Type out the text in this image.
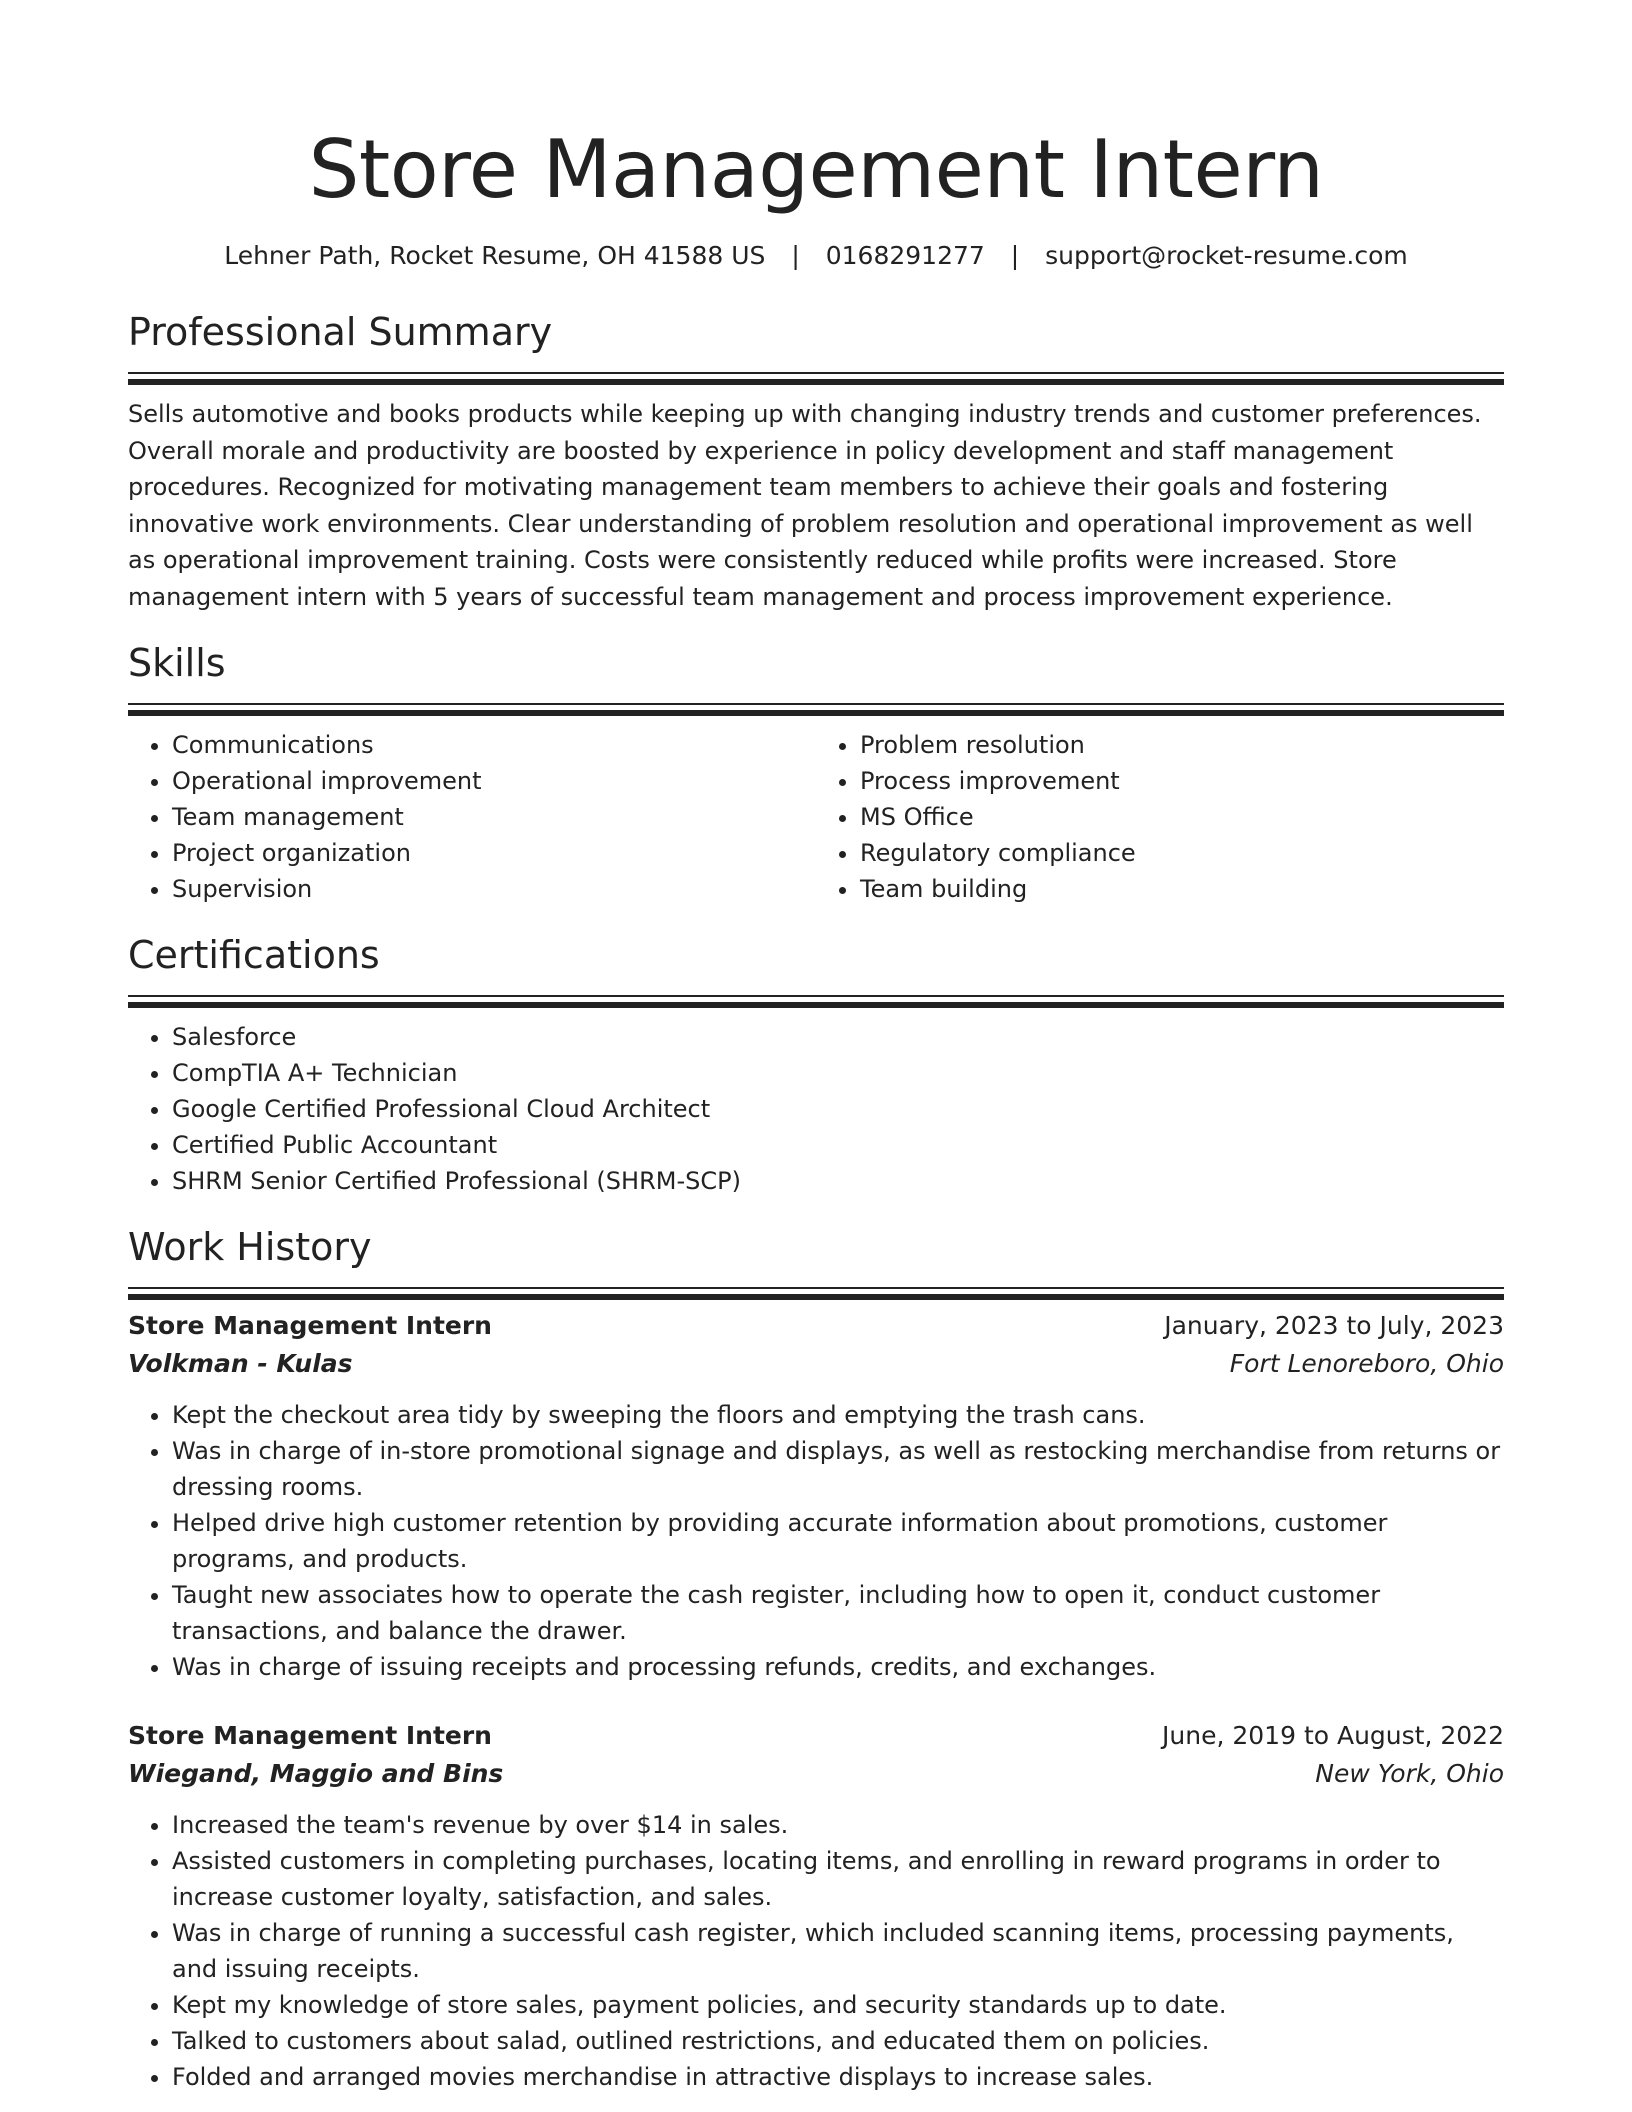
Store Management Intern
Lehner Path, Rocket Resume, OH 41588 US | 0168291277 | support@rocket-resume.com
Professional Summary

Sells automotive and books products while keeping up with changing industry trends and customer preferences. Overall morale and productivity are boosted by experience in policy development and staff management procedures. Recognized for motivating management team members to achieve their goals and fostering innovative work environments. Clear understanding of problem resolution and operational improvement as well as operational improvement training. Costs were consistently reduced while profits were increased. Store management intern with 5 years of successful team management and process improvement experience.

Skills
• Communications
• Operational improvement
• Team management
• Project organization
• Supervision
• Problem resolution
• Process improvement
• MS Office
• Regulatory compliance
• Team building
Certifications
• Salesforce
• CompTIA A+ Technician
• Google Certified Professional Cloud Architect
• Certified Public Accountant
• SHRM Senior Certified Professional (SHRM-SCP)
Work History
Store Management Intern	January, 2023 to July, 2023
Volkman - Kulas	Fort Lenoreboro, Ohio
• Kept the checkout area tidy by sweeping the floors and emptying the trash cans.
• Was in charge of in-store promotional signage and displays, as well as restocking merchandise from returns or dressing rooms.
• Helped drive high customer retention by providing accurate information about promotions, customer programs, and products.
• Taught new associates how to operate the cash register, including how to open it, conduct customer transactions, and balance the drawer.
• Was in charge of issuing receipts and processing refunds, credits, and exchanges.
Store Management Intern	June, 2019 to August, 2022
Wiegand, Maggio and Bins	New York, Ohio
• Increased the team's revenue by over $14 in sales.
• Assisted customers in completing purchases, locating items, and enrolling in reward programs in order to increase customer loyalty, satisfaction, and sales.
• Was in charge of running a successful cash register, which included scanning items, processing payments, and issuing receipts.
• Kept my knowledge of store sales, payment policies, and security standards up to date.
• Talked to customers about salad, outlined restrictions, and educated them on policies.
• Folded and arranged movies merchandise in attractive displays to increase sales.
